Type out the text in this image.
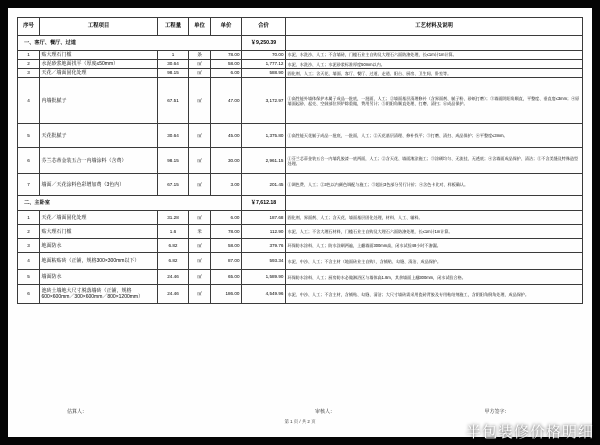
序号	工程项目	工程量	单位	单价	合价	工艺材料及说明
一、客厅、餐厅、过道					￥9,250.39	
1	贴大理石门槛	1	条	78.00	70.00	水泥、水洗沙、人工；不含墙砖，门槛石业主自购及大理石六面防渗处理，长≤1m计1m计算。
2	水泥砂浆地面找平（厚度≤50mm）	30.64	㎡	58.00	1,777.12	水泥、水洗沙、人工；水泥砂浆标准厚度50mm以内。
3	天花／墙面固化处理	98.15	㎡	6.00	588.90	固化剂、人工；含天花、墙面、客厅、餐厅、过道、走道、阳台、厨房、卫生间、卧室等。
4	内墙批腻子	67.51	㎡	47.00	3,172.97	①高性能外墙体保护木属子成品一批底，一批面，人工；②墙面基层清理修补（含界面剂、腻子粉、砂纸打磨）；③墙面阴阳角顺直，平整度、垂直度≤3mm；④原墙面起砂、起壳、空鼓部位须铲除重做，费用另计；⑤阴阳角顺直处理、打磨、清扫；⑥成品保护。
5	天花批腻子	30.64	㎡	45.00	1,375.80	①高性能天花腻子成品一批底，一批面，人工；②天花基层清理、修补找平；③打磨、清扫、成品保护；④平整度≤3mm。
6	芬兰芯蒂金装五合一内墙涂料（含费）	98.15	㎡	30.00	2,961.15	①芬兰芯蒂金装五合一内墙乳胶漆一底两面，人工；②含天花、墙面滚涂施工；③涂刷均匀、无流挂、无透底；④含墙面成品保护、清洁；⑤不含美缝及特殊造型处理。
7	墙面／天花涂料色彩增加费（3色内）	67.15	㎡	3.00	201.45	①调色费、人工；②3色以内颜色调配与施工；③超出3色部分另行计价；④含色卡比对、样板确认。
二、主卧室					￥7,612.18	
1	天花／墙面固化处理	31.28	㎡	6.00	187.68	固化剂、界面剂、人工；含天花、墙面基层固化处理，材料、人工、辅料。
2	贴大理石门槛	1.6	米	78.00	112.90	水泥、人工；不含大理石材料，门槛石业主自购及大理石六面防渗处理，长≤1m计1m计算。
3	地面防水	6.82	㎡	58.00	379.76	环保防水涂料、人工；防水涂刷两遍，上翻墙面300mm高，闭水试验48小时不渗漏。
4	地面粘贴砖（正铺，规格300×300mm以下）	6.82	㎡	87.00	593.34	水泥、中沙、人工；不含主材（地面砖业主自购），含铺贴、勾缝、清洁、成品保护。
5	墙面防水	24.46	㎡	65.00	1,589.90	环保防水涂料、人工；厨房防水必做淋浴区与墙体高1.8m，其余墙面上翻300mm，闭水试验合格。
6	池砖土墙地大尺寸脱落墙砖（正铺，规格600×600mm／300×600mm／800×1200mm）	24.46	㎡	186.00	4,549.96	水泥、中沙、人工；不含主材，含铺贴、勾缝、清洁；大尺寸墙砖需采用瓷砖背胶及专用粘结剂施工，含阴阳角倒角处理、成品保护。
估算人：	审核人：	甲方签字：
第 1 页 / 共 2 页
半包装修价格明细
